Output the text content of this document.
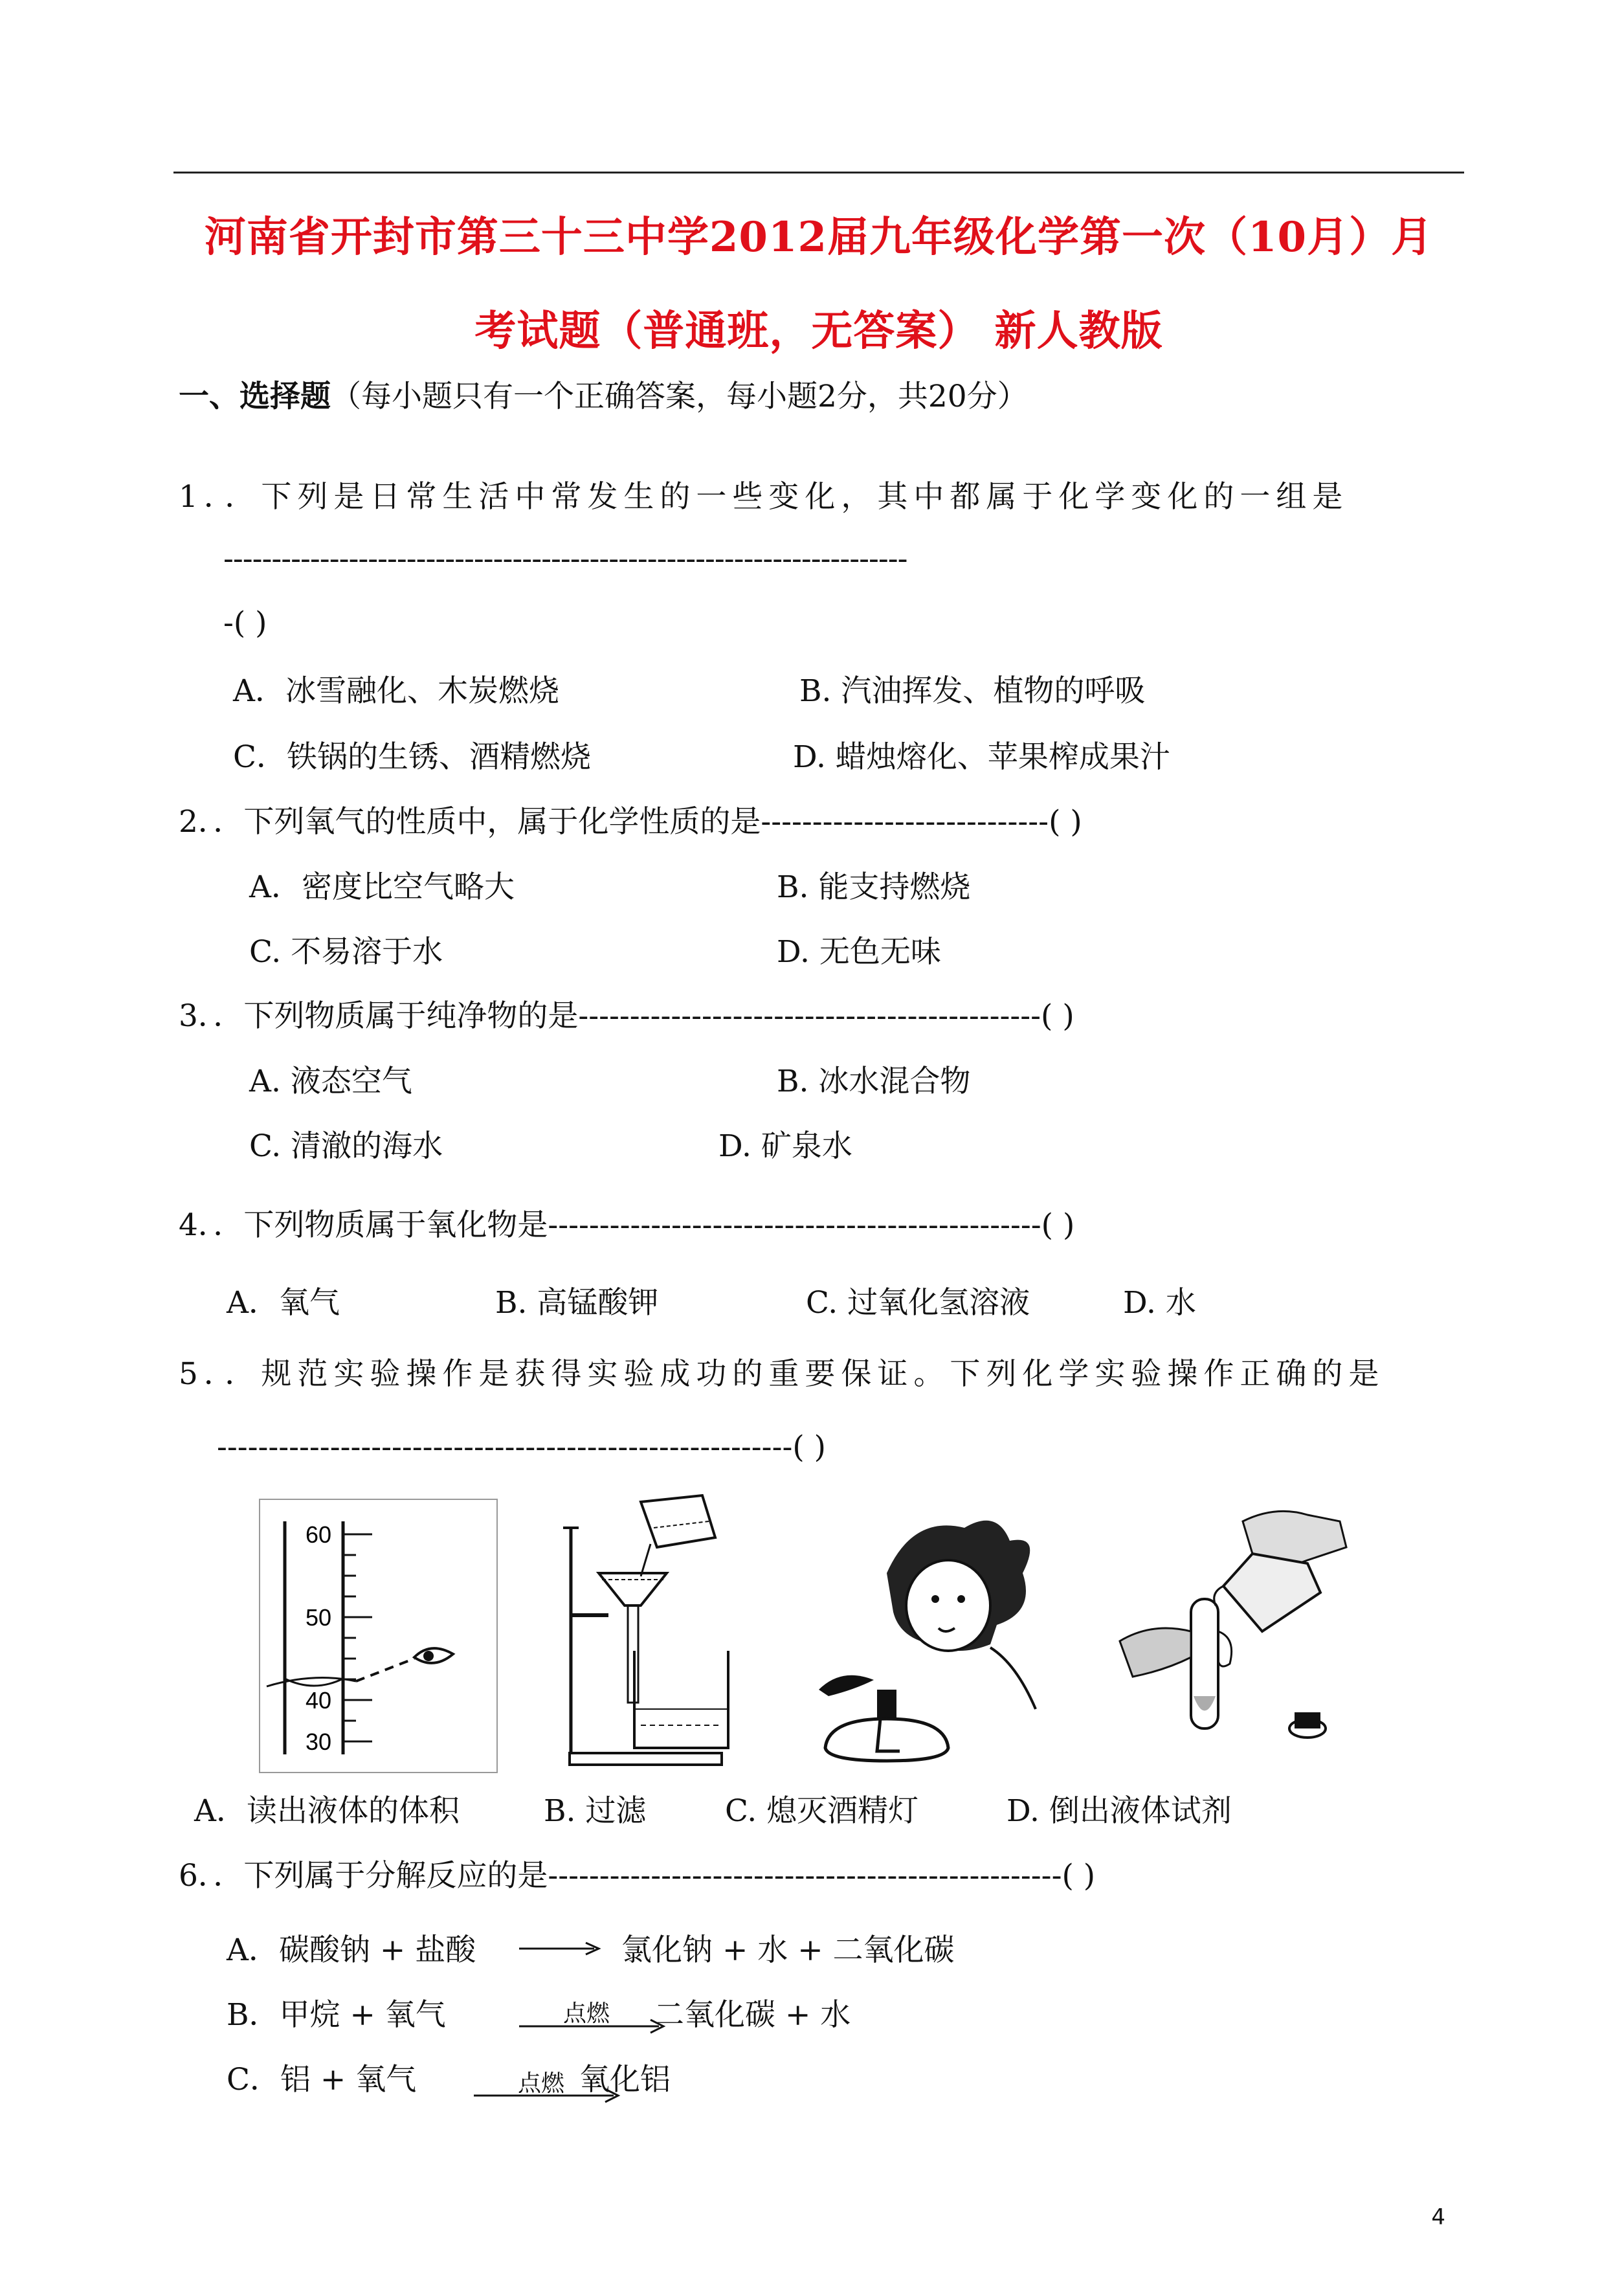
河南省开封市第三十三中学2012届九年级化学第一次（10月）月
考试题（普通班，无答案） 新人教版
一、选择题（每小题只有一个正确答案，每小题2分，共20分）
1．．下列是日常生活中常发生的一些变化，其中都属于化学变化的一组是
-----------------------------------------------------------------------
-( )
A．冰雪融化、木炭燃烧	B. 汽油挥发、植物的呼吸
C．铁锅的生锈、酒精燃烧	D. 蜡烛熔化、苹果榨成果汁
2．．下列氧气的性质中，属于化学性质的是----------------------------( )
A．密度比空气略大	B. 能支持燃烧
C. 不易溶于水	D. 无色无味
3．．下列物质属于纯净物的是---------------------------------------------( )
A. 液态空气	B. 冰水混合物
C. 清澈的海水	D. 矿泉水
4．．下列物质属于氧化物是------------------------------------------------( )
A．氧气	B. 高锰酸钾	C. 过氧化氢溶液	D. 水
5．．规范实验操作是获得实验成功的重要保证。下列化学实验操作正确的是
--------------------------------------------------------( )
60
50
40
30
A．读出液体的体积	B. 过滤	C. 熄灭酒精灯	D. 倒出液体试剂
6．．下列属于分解反应的是--------------------------------------------------( )
A．碳酸钠 + 盐酸	氯化钠 + 水 + 二氧化碳
B．甲烷 + 氧气	点燃 二氧化碳 + 水
C．铝 + 氧气	点燃 氧化铝
4
